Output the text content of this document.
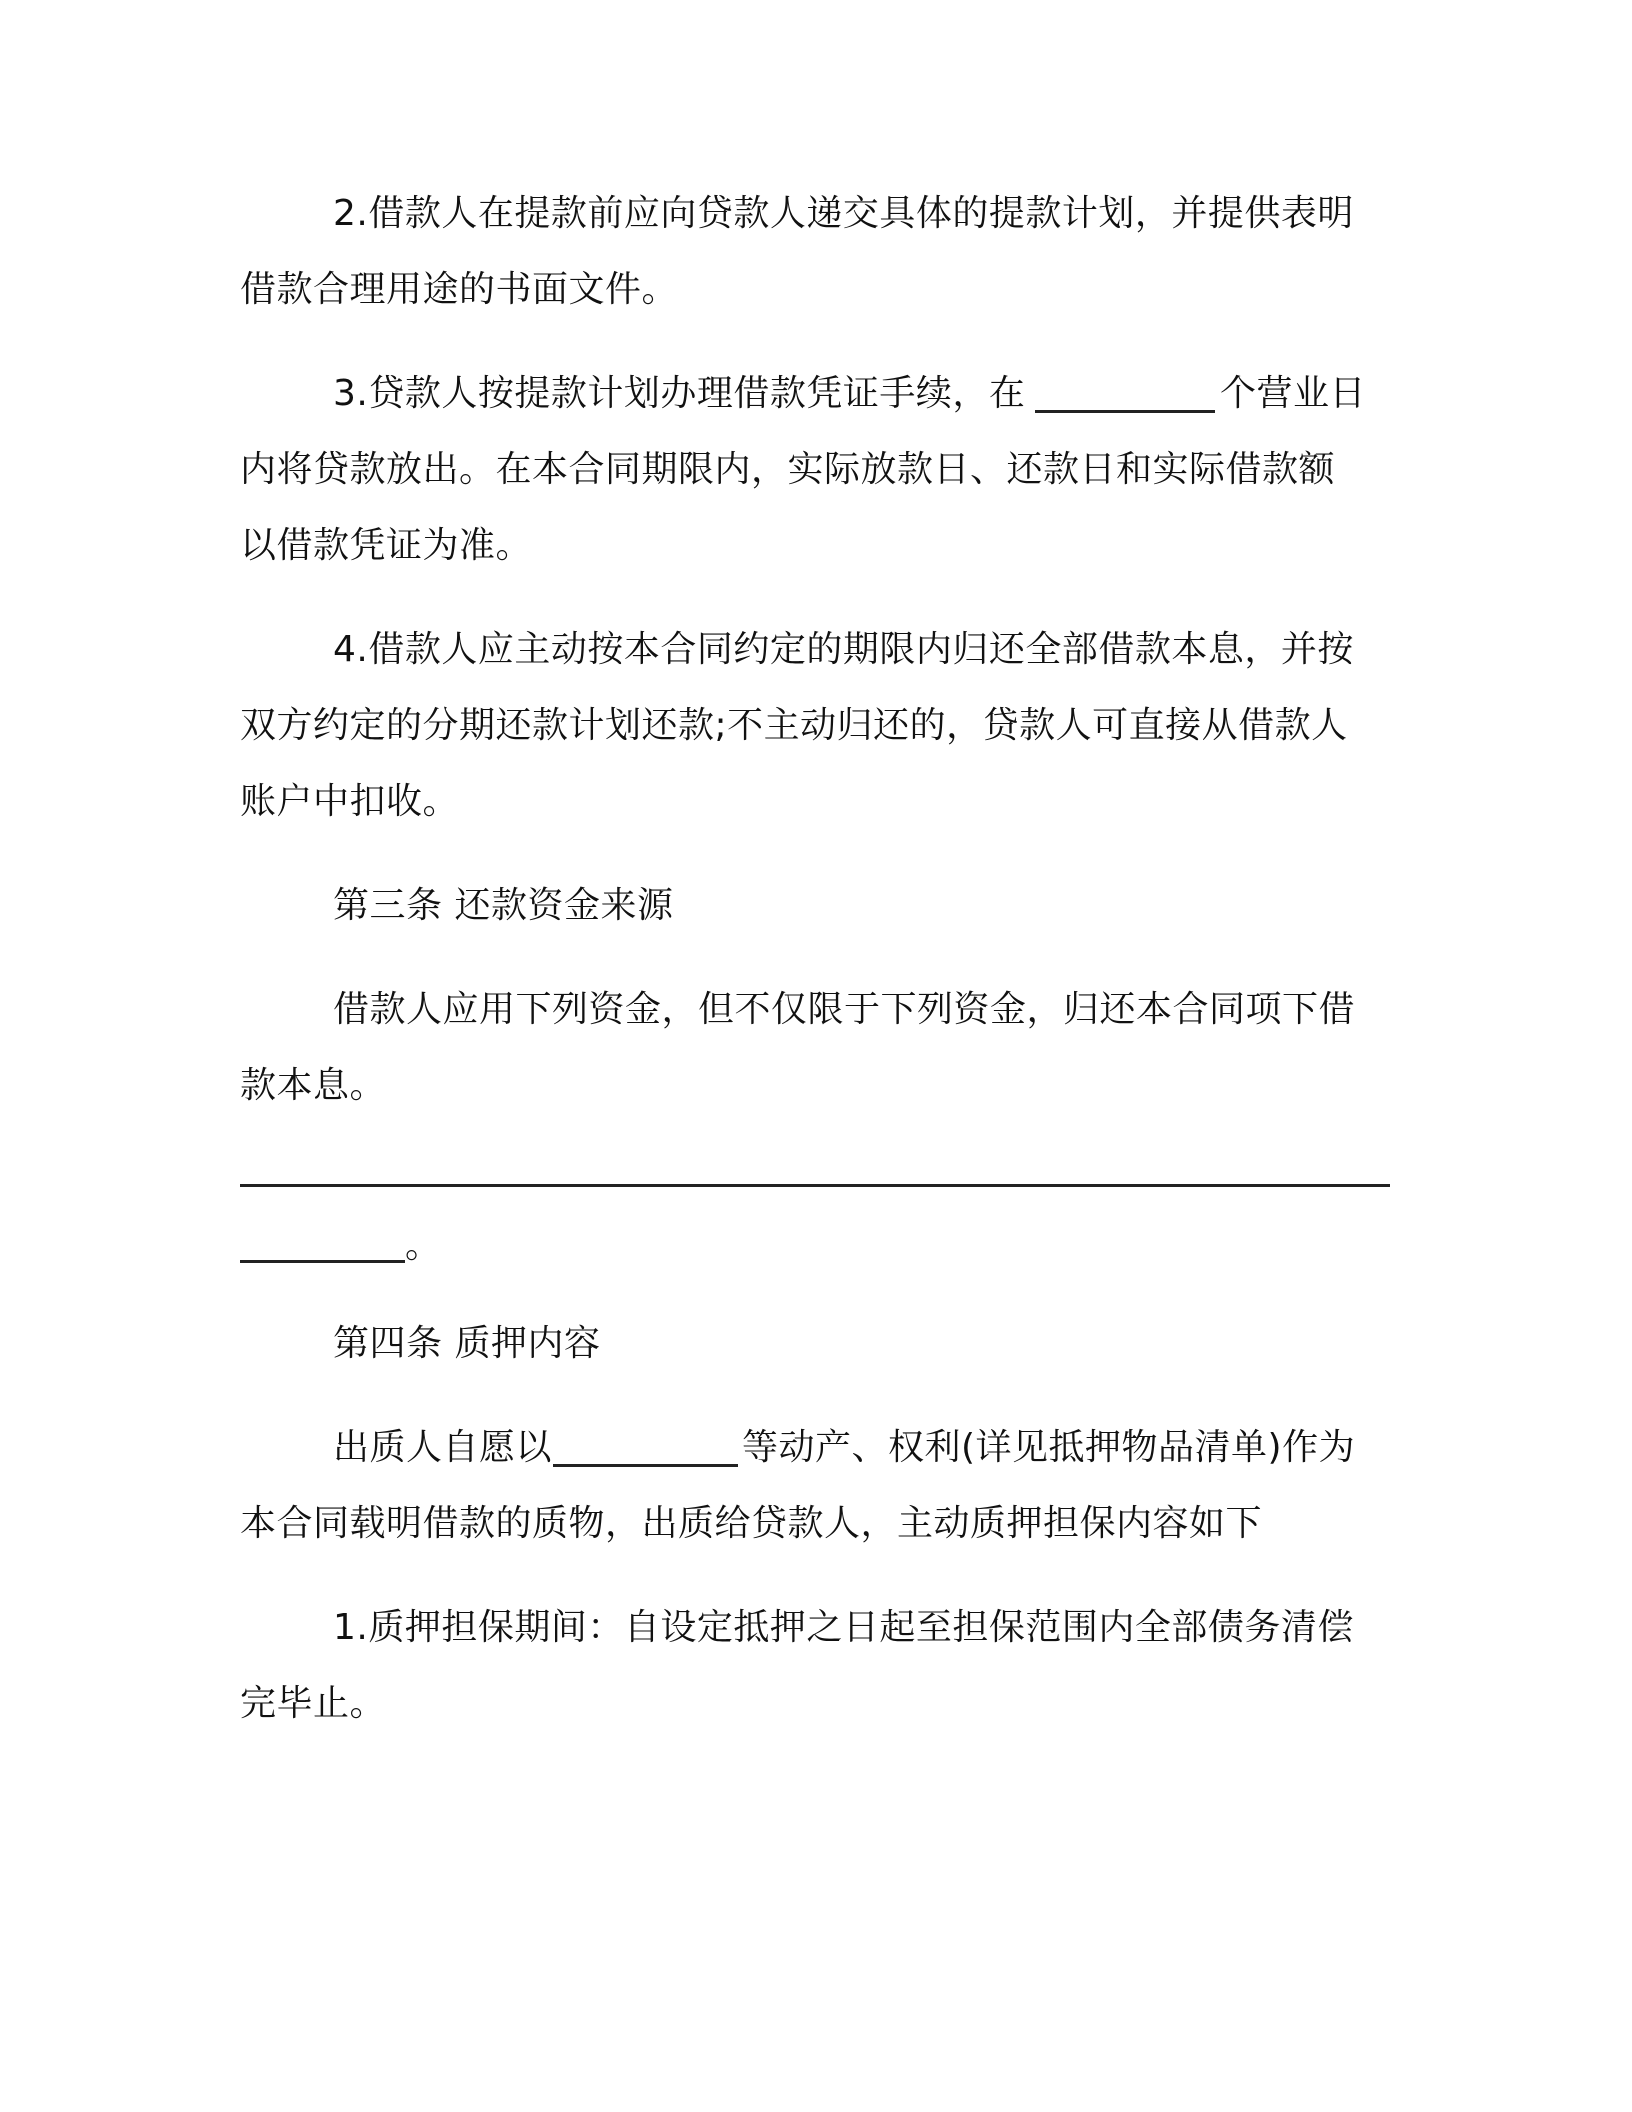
2.借款人在提款前应向贷款人递交具体的提款计划，并提供表明
借款合理用途的书面文件。
3.贷款人按提款计划办理借款凭证手续，在	个营业日
内将贷款放出。在本合同期限内，实际放款日、还款日和实际借款额
以借款凭证为准。
4.借款人应主动按本合同约定的期限内归还全部借款本息，并按
双方约定的分期还款计划还款;不主动归还的，贷款人可直接从借款人
账户中扣收。
第三条 还款资金来源
借款人应用下列资金，但不仅限于下列资金，归还本合同项下借
款本息。
。
第四条 质押内容
出质人自愿以	等动产、权利(详见抵押物品清单)作为
本合同载明借款的质物，出质给贷款人，主动质押担保内容如下
1.质押担保期间：自设定抵押之日起至担保范围内全部债务清偿
完毕止。
